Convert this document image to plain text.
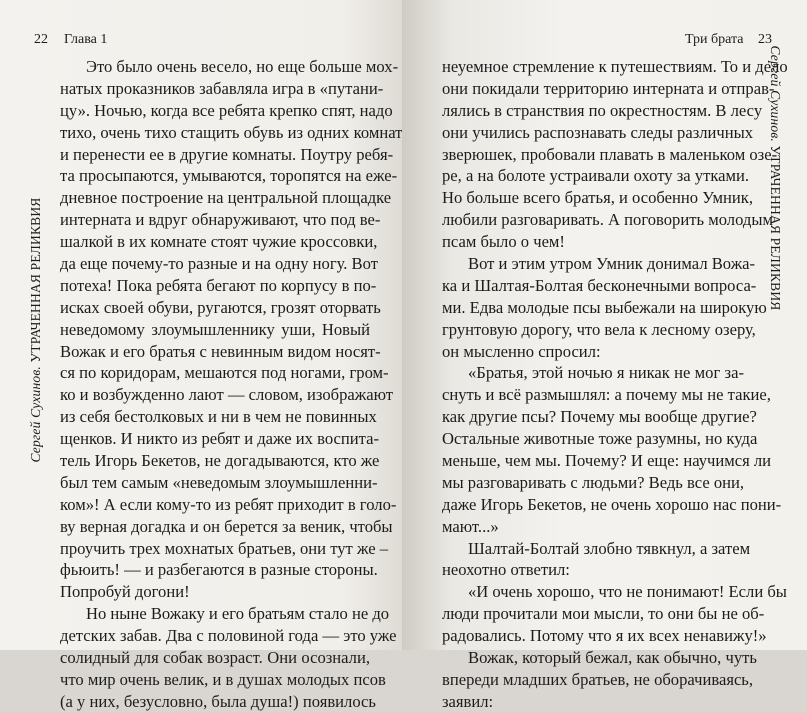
22 Глава 1
Сергей Сухинов. УТРАЧЕННАЯ РЕЛИКВИЯ
Это было очень весело, но еще больше мох-
натых проказников забавляла игра в «путани-
цу». Ночью, когда все ребята крепко спят, надо
тихо, очень тихо стащить обувь из одних комнат
и перенести ее в другие комнаты. Поутру ребя-
та просыпаются, умываются, торопятся на еже-
дневное построение на центральной площадке
интерната и вдруг обнаруживают, что под ве-
шалкой в их комнате стоят чужие кроссовки,
да еще почему-то разные и на одну ногу. Вот
потеха! Пока ребята бегают по корпусу в по-
исках своей обуви, ругаются, грозят оторвать
неведомому злоумышленнику уши, Новый
Вожак и его братья с невинным видом носят-
ся по коридорам, мешаются под ногами, гром-
ко и возбужденно лают — словом, изображают
из себя бестолковых и ни в чем не повинных
щенков. И никто из ребят и даже их воспита-
тель Игорь Бекетов, не догадываются, кто же
был тем самым «неведомым злоумышленни-
ком»! А если кому-то из ребят приходит в голо-
ву верная догадка и он берется за веник, чтобы
проучить трех мохнатых братьев, они тут же –
фьюить! — и разбегаются в разные стороны.
Попробуй догони!
Но ныне Вожаку и его братьям стало не до
детских забав. Два с половиной года — это уже
солидный для собак возраст. Они осознали,
что мир очень велик, и в душах молодых псов
(а у них, безусловно, была душа!) появилось
Три брата 23
Сергей Сухинов. УТРАЧЕННАЯ РЕЛИКВИЯ
неуемное стремление к путешествиям. То и дело
они покидали территорию интерната и отправ-
лялись в странствия по окрестностям. В лесу
они учились распознавать следы различных
зверюшек, пробовали плавать в маленьком озе-
ре, а на болоте устраивали охоту за утками.
Но больше всего братья, и особенно Умник,
любили разговаривать. А поговорить молодым
псам было о чем!
Вот и этим утром Умник донимал Вожа-
ка и Шалтая-Болтая бесконечными вопроса-
ми. Едва молодые псы выбежали на широкую
грунтовую дорогу, что вела к лесному озеру,
он мысленно спросил:
«Братья, этой ночью я никак не мог за-
снуть и всё размышлял: а почему мы не такие,
как другие псы? Почему мы вообще другие?
Остальные животные тоже разумны, но куда
меньше, чем мы. Почему? И еще: научимся ли
мы разговаривать с людьми? Ведь все они,
даже Игорь Бекетов, не очень хорошо нас пони-
мают...»
Шалтай-Болтай злобно тявкнул, а затем
неохотно ответил:
«И очень хорошо, что не понимают! Если бы
люди прочитали мои мысли, то они бы не об-
радовались. Потому что я их всех ненавижу!»
Вожак, который бежал, как обычно, чуть
впереди младших братьев, не оборачиваясь,
заявил:
